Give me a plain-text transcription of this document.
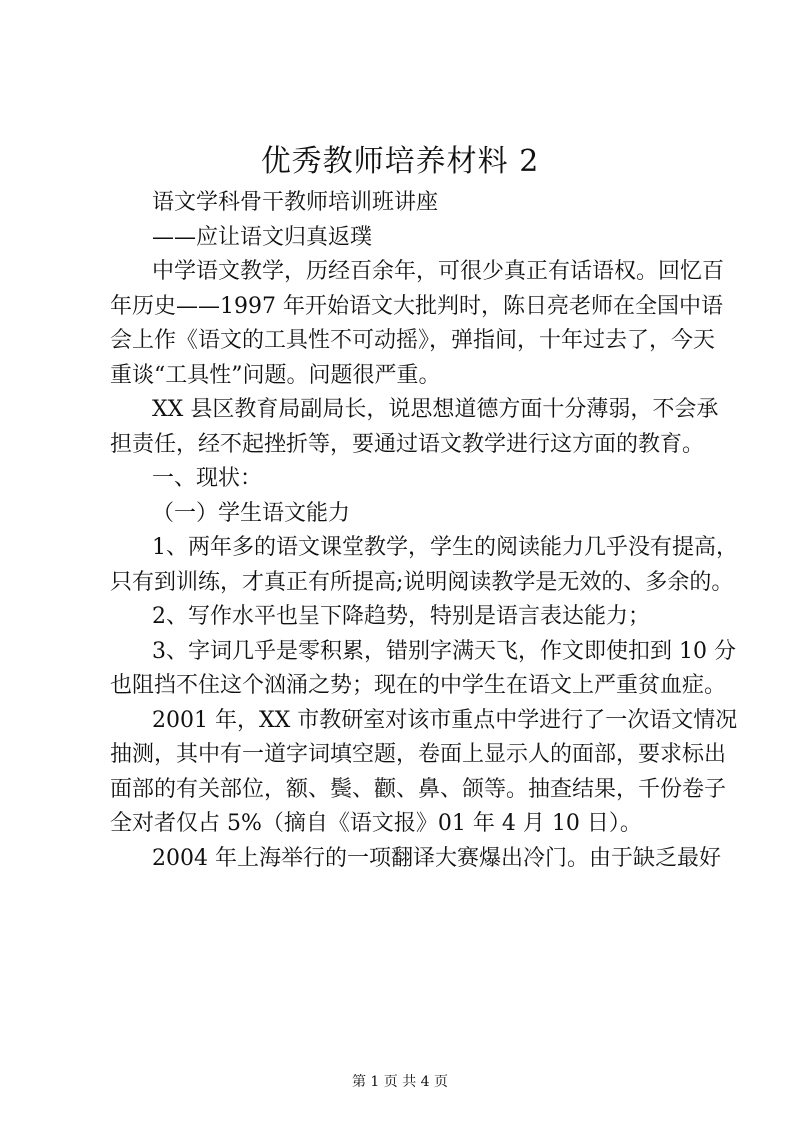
优秀教师培养材料 2

语文学科骨干教师培训班讲座

——应让语文归真返璞

中学语文教学，历经百余年，可很少真正有话语权。回忆百

年历史——1997 年开始语文大批判时，陈日亮老师在全国中语

会上作《语文的工具性不可动摇》，弹指间，十年过去了，今天

重谈“工具性”问题。问题很严重。

XX 县区教育局副局长，说思想道德方面十分薄弱，不会承

担责任，经不起挫折等，要通过语文教学进行这方面的教育。

一、现状：

（一）学生语文能力

1、两年多的语文课堂教学，学生的阅读能力几乎没有提高，

只有到训练，才真正有所提高;说明阅读教学是无效的、多余的。

2、写作水平也呈下降趋势，特别是语言表达能力；

3、字词几乎是零积累，错别字满天飞，作文即使扣到 10 分

也阻挡不住这个汹涌之势；现在的中学生在语文上严重贫血症。

2001 年，XX 市教研室对该市重点中学进行了一次语文情况

抽测，其中有一道字词填空题，卷面上显示人的面部，要求标出

面部的有关部位，额、鬓、颧、鼻、颌等。抽查结果，千份卷子

全对者仅占 5%（摘自《语文报》01 年 4 月 10 日）。

2004 年上海举行的一项翻译大赛爆出冷门。由于缺乏最好

第 1 页 共 4 页
